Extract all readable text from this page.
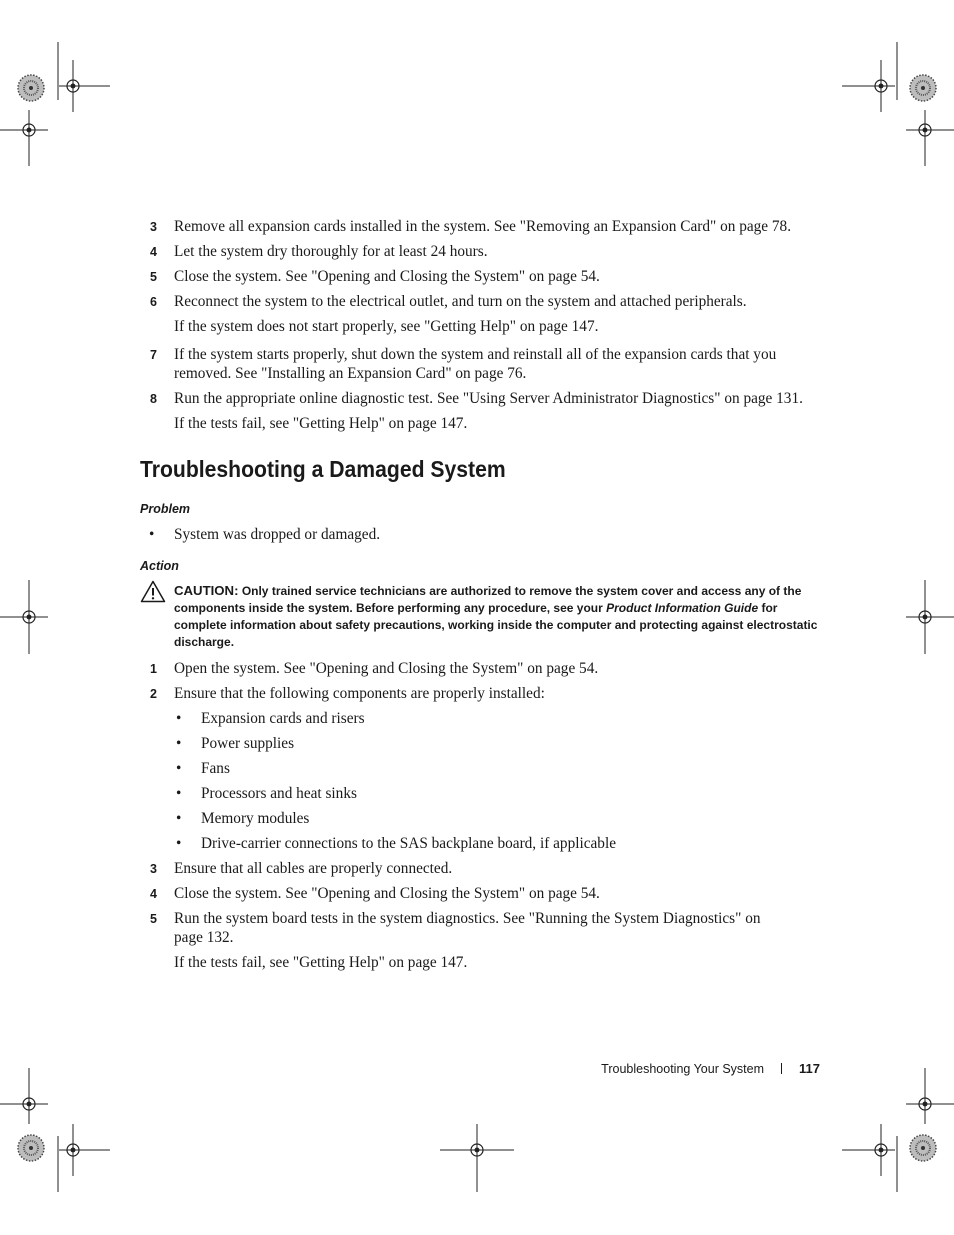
3 Remove all expansion cards installed in the system. See "Removing an Expansion Card" on page 78.
4 Let the system dry thoroughly for at least 24 hours.
5 Close the system. See "Opening and Closing the System" on page 54.
6 Reconnect the system to the electrical outlet, and turn on the system and attached peripherals.
If the system does not start properly, see "Getting Help" on page 147.
7 If the system starts properly, shut down the system and reinstall all of the expansion cards that you removed. See "Installing an Expansion Card" on page 76.
8 Run the appropriate online diagnostic test. See "Using Server Administrator Diagnostics" on page 131.
If the tests fail, see "Getting Help" on page 147.
Troubleshooting a Damaged System
Problem
• System was dropped or damaged.
Action
CAUTION: Only trained service technicians are authorized to remove the system cover and access any of the components inside the system. Before performing any procedure, see your Product Information Guide for complete information about safety precautions, working inside the computer and protecting against electrostatic discharge.
1 Open the system. See "Opening and Closing the System" on page 54.
2 Ensure that the following components are properly installed:
• Expansion cards and risers
• Power supplies
• Fans
• Processors and heat sinks
• Memory modules
• Drive-carrier connections to the SAS backplane board, if applicable
3 Ensure that all cables are properly connected.
4 Close the system. See "Opening and Closing the System" on page 54.
5 Run the system board tests in the system diagnostics. See "Running the System Diagnostics" on page 132.
If the tests fail, see "Getting Help" on page 147.
Troubleshooting Your System	117
